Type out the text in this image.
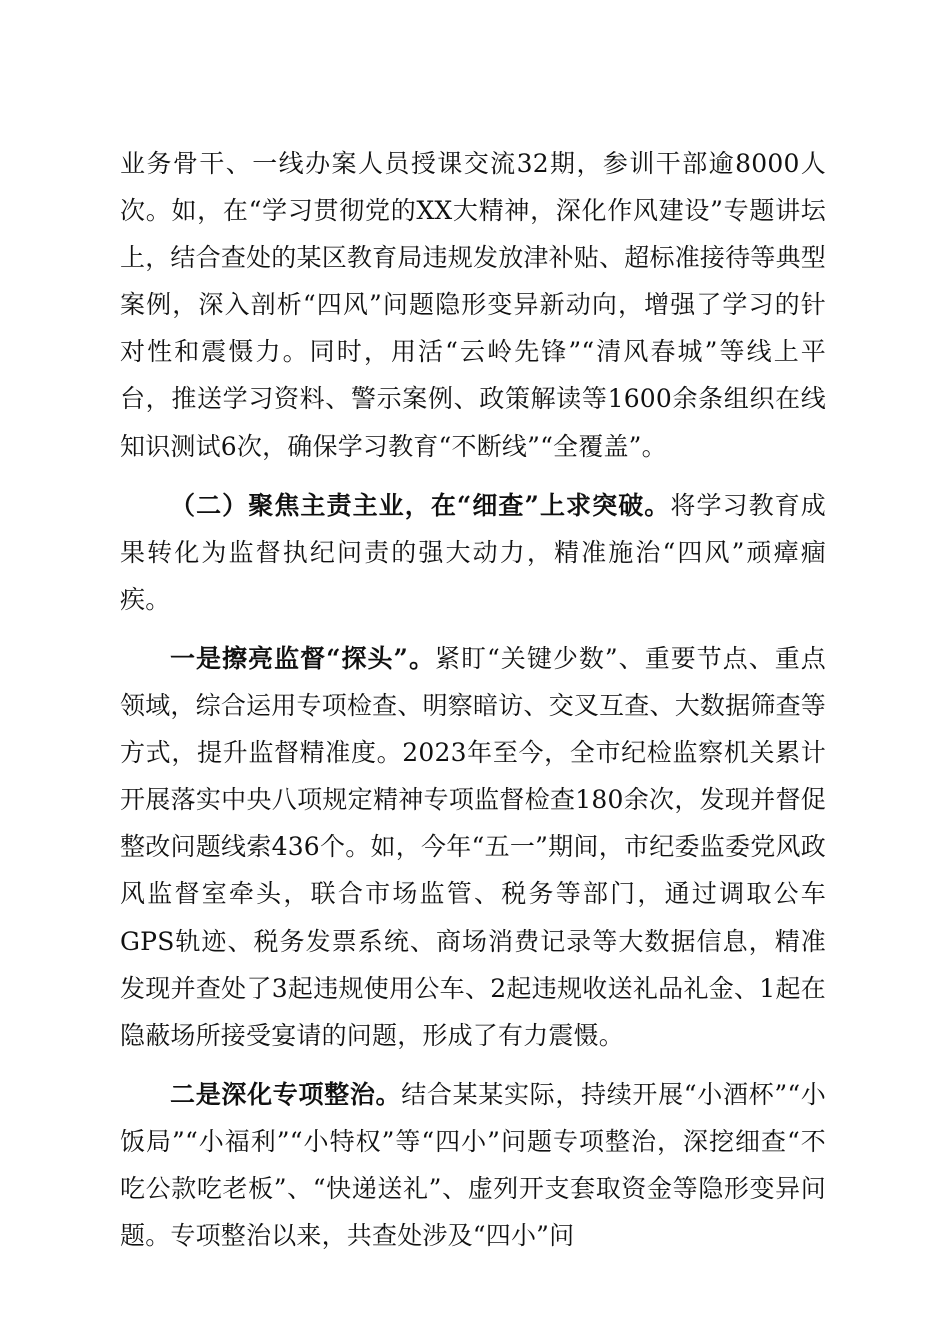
业务骨干、一线办案人员授课交流32期，参训干部逾8000人次。如，在“学习贯彻党的XX大精神，深化作风建设”专题讲坛上，结合查处的某区教育局违规发放津补贴、超标准接待等典型案例，深入剖析“四风”问题隐形变异新动向，增强了学习的针对性和震慑力。同时，用活“云岭先锋”“清风春城”等线上平台，推送学习资料、警示案例、政策解读等1600余条组织在线知识测试6次，确保学习教育“不断线”“全覆盖”。

（二）聚焦主责主业，在“细查”上求突破。将学习教育成果转化为监督执纪问责的强大动力，精准施治“四风”顽瘴痼疾。

一是擦亮监督“探头”。紧盯“关键少数”、重要节点、重点领域，综合运用专项检查、明察暗访、交叉互查、大数据筛查等方式，提升监督精准度。2023年至今，全市纪检监察机关累计开展落实中央八项规定精神专项监督检查180余次，发现并督促整改问题线索436个。如，今年“五一”期间，市纪委监委党风政风监督室牵头，联合市场监管、税务等部门，通过调取公车GPS轨迹、税务发票系统、商场消费记录等大数据信息，精准发现并查处了3起违规使用公车、2起违规收送礼品礼金、1起在隐蔽场所接受宴请的问题，形成了有力震慑。

二是深化专项整治。结合某某实际，持续开展“小酒杯”“小饭局”“小福利”“小特权”等“四小”问题专项整治，深挖细查“不吃公款吃老板”、“快递送礼”、虚列开支套取资金等隐形变异问题。专项整治以来，共查处涉及“四小”问
